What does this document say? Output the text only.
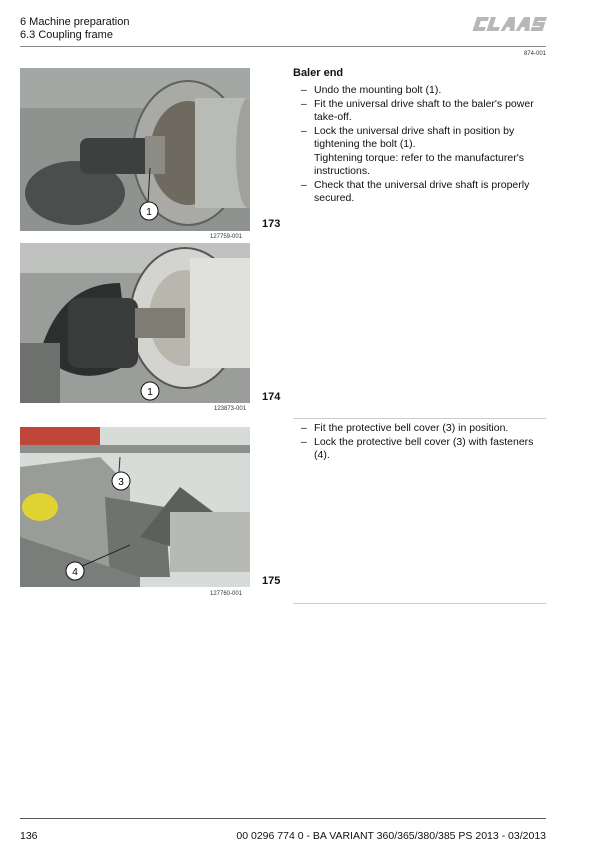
6 Machine preparation
6.3 Coupling frame
CLAAS
874-001
1
127759-001
173
1
123873-001
174
3
4
127760-001
175
Baler end
– Undo the mounting bolt (1).
– Fit the universal drive shaft to the baler's power take-off.
– Lock the universal drive shaft in position by tightening the bolt (1).
Tightening torque: refer to the manufacturer's instructions.
– Check that the universal drive shaft is properly secured.
– Fit the protective bell cover (3) in position.
– Lock the protective bell cover (3) with fasteners (4).
136	00 0296 774 0 - BA VARIANT 360/365/380/385 PS 2013 - 03/2013
